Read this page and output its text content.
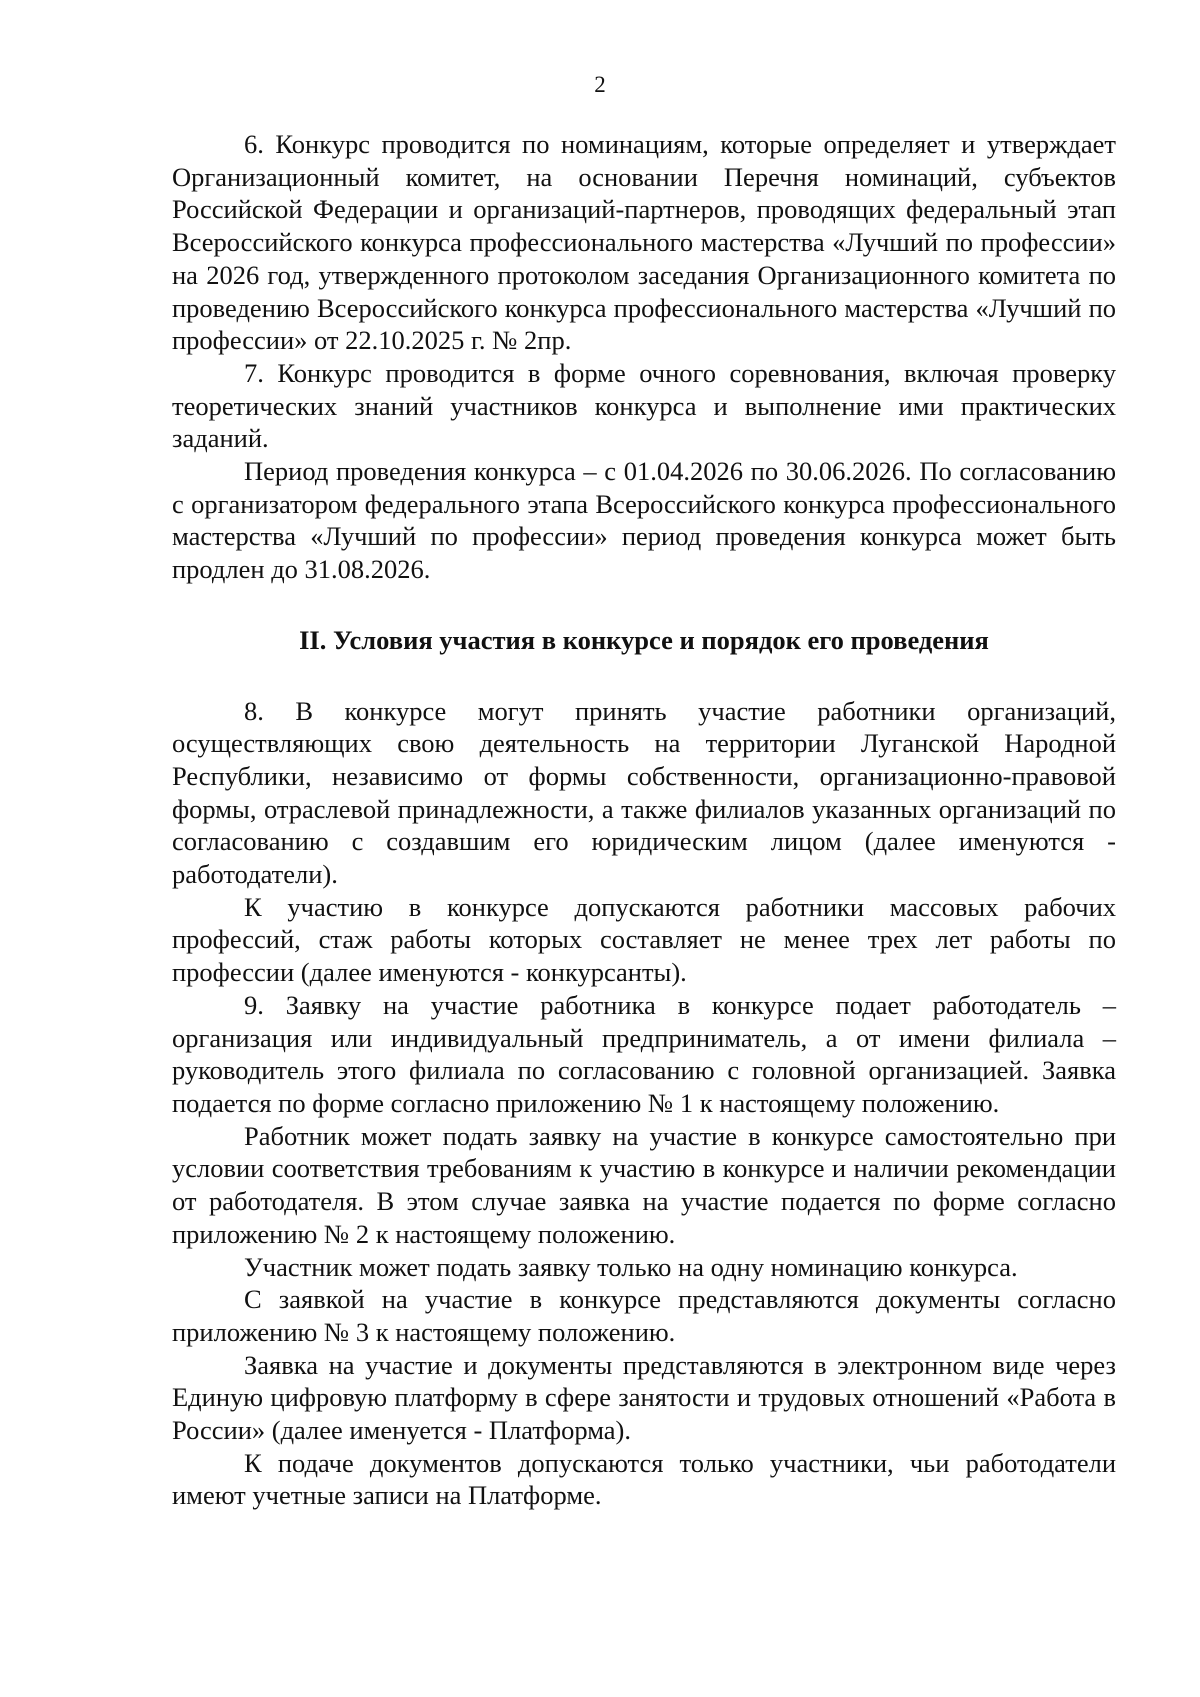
2

6. Конкурс проводится по номинациям, которые определяет и утверждает Организационный комитет, на основании Перечня номинаций, субъектов Российской Федерации и организаций-партнеров, проводящих федеральный этап Всероссийского конкурса профессионального мастерства «Лучший по профессии» на 2026 год, утвержденного протоколом заседания Организационного комитета по проведению Всероссийского конкурса профессионального мастерства «Лучший по профессии» от 22.10.2025 г. № 2пр.

7. Конкурс проводится в форме очного соревнования, включая проверку теоретических знаний участников конкурса и выполнение ими практических заданий.

Период проведения конкурса – с 01.04.2026 по 30.06.2026. По согласованию с организатором федерального этапа Всероссийского конкурса профессионального мастерства «Лучший по профессии» период проведения конкурса может быть продлен до 31.08.2026.

II. Условия участия в конкурсе и порядок его проведения

8. В конкурсе могут принять участие работники организаций, осуществляющих свою деятельность на территории Луганской Народной Республики, независимо от формы собственности, организационно-правовой формы, отраслевой принадлежности, а также филиалов указанных организаций по согласованию с создавшим его юридическим лицом (далее именуются - работодатели).

К участию в конкурсе допускаются работники массовых рабочих профессий, стаж работы которых составляет не менее трех лет работы по профессии (далее именуются - конкурсанты).

9. Заявку на участие работника в конкурсе подает работодатель – организация или индивидуальный предприниматель, а от имени филиала – руководитель этого филиала по согласованию с головной организацией. Заявка подается по форме согласно приложению № 1 к настоящему положению.

Работник может подать заявку на участие в конкурсе самостоятельно при условии соответствия требованиям к участию в конкурсе и наличии рекомендации от работодателя. В этом случае заявка на участие подается по форме согласно приложению № 2 к настоящему положению.

Участник может подать заявку только на одну номинацию конкурса.

С заявкой на участие в конкурсе представляются документы согласно приложению № 3 к настоящему положению.

Заявка на участие и документы представляются в электронном виде через Единую цифровую платформу в сфере занятости и трудовых отношений «Работа в России» (далее именуется - Платформа).

К подаче документов допускаются только участники, чьи работодатели имеют учетные записи на Платформе.
